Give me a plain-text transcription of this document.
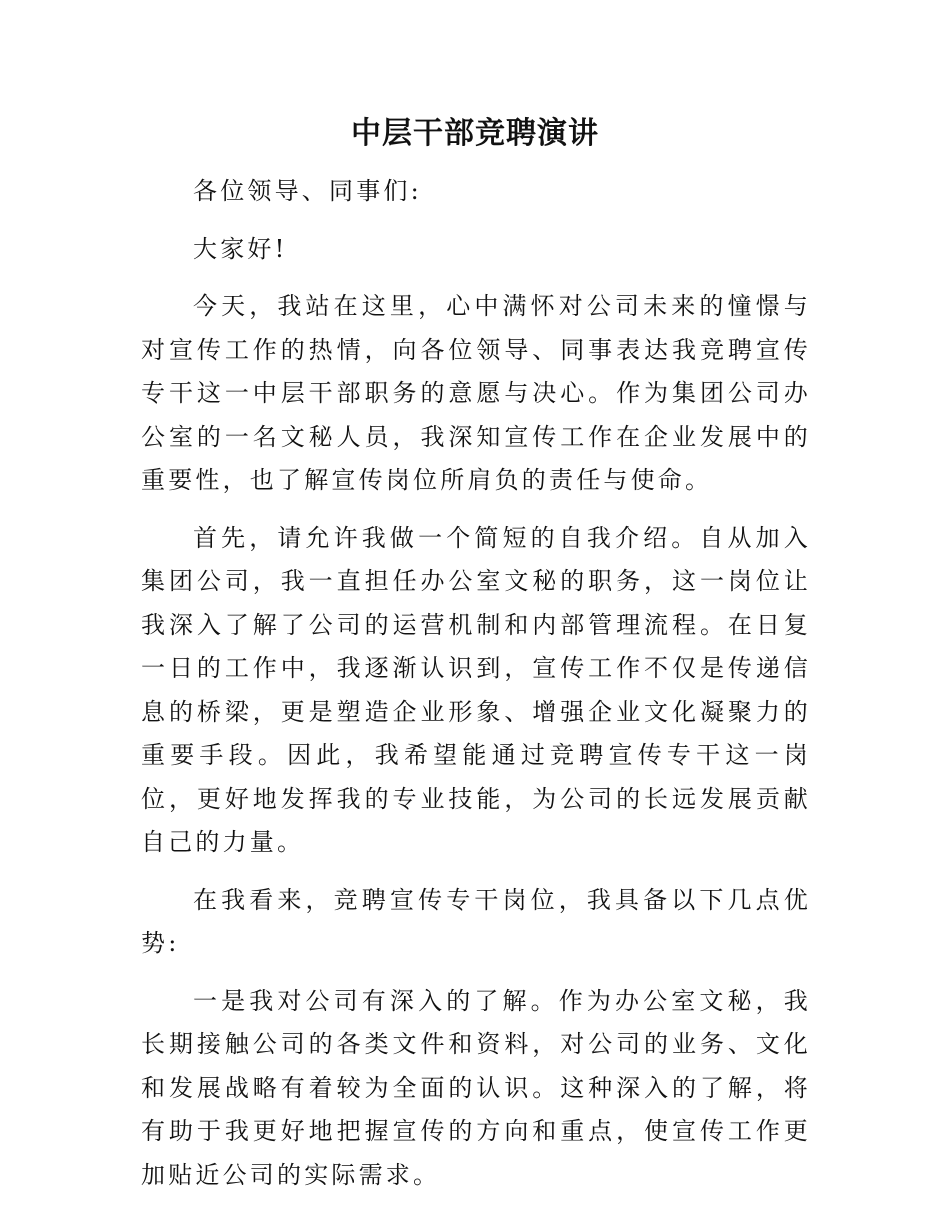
中层干部竞聘演讲

各位领导、同事们:

大家好!

今天，我站在这里，心中满怀对公司未来的憧憬与对宣传工作的热情，向各位领导、同事表达我竞聘宣传专干这一中层干部职务的意愿与决心。作为集团公司办公室的一名文秘人员，我深知宣传工作在企业发展中的重要性，也了解宣传岗位所肩负的责任与使命。

首先，请允许我做一个简短的自我介绍。自从加入集团公司，我一直担任办公室文秘的职务，这一岗位让我深入了解了公司的运营机制和内部管理流程。在日复一日的工作中，我逐渐认识到，宣传工作不仅是传递信息的桥梁，更是塑造企业形象、增强企业文化凝聚力的重要手段。因此，我希望能通过竞聘宣传专干这一岗位，更好地发挥我的专业技能，为公司的长远发展贡献自己的力量。

在我看来，竞聘宣传专干岗位，我具备以下几点优势:

一是我对公司有深入的了解。作为办公室文秘，我长期接触公司的各类文件和资料，对公司的业务、文化和发展战略有着较为全面的认识。这种深入的了解，将有助于我更好地把握宣传的方向和重点，使宣传工作更加贴近公司的实际需求。
